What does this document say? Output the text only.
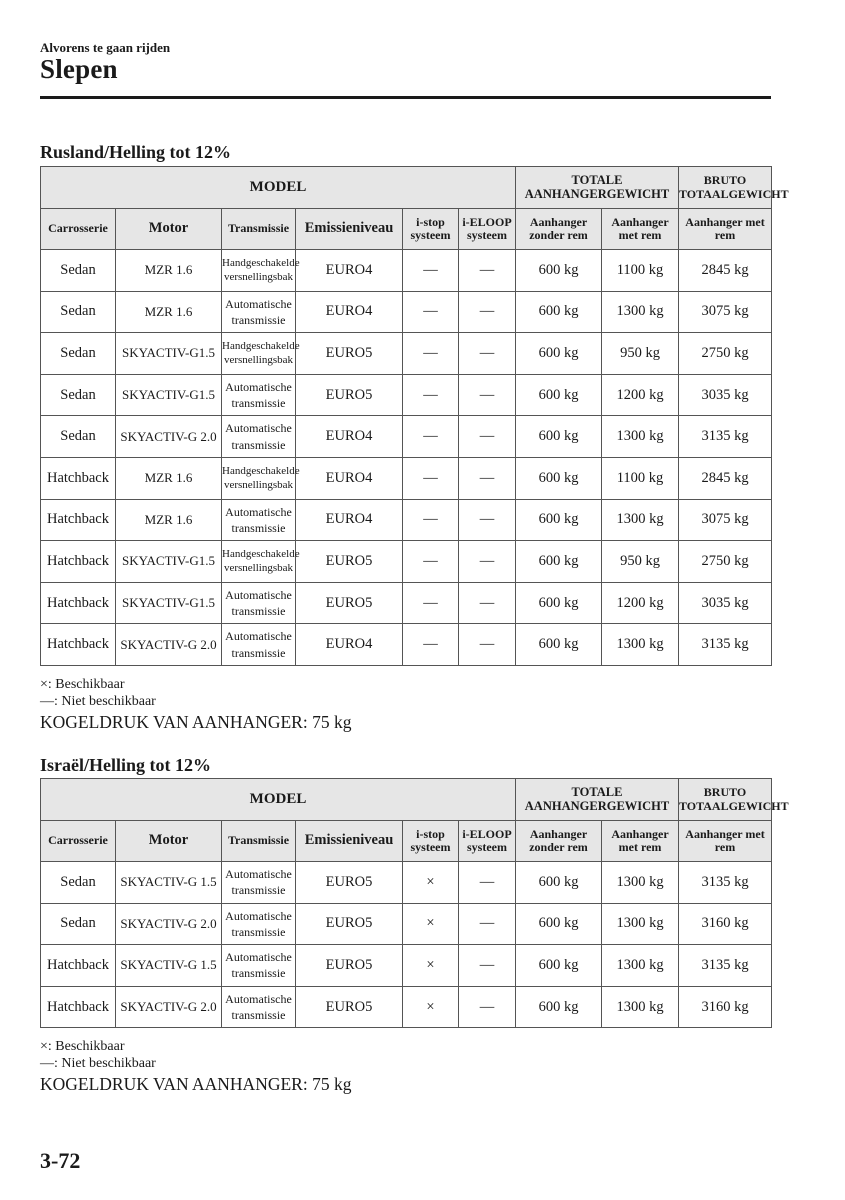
Alvorens te gaan rijden
Slepen
Rusland/Helling tot 12%
MODEL						TOTALE AANHANGERGEWICHT		BRUTO TOTAALGEWICHT
Carrosserie	Motor	Transmissie	Emissieniveau	i-stop systeem	i-ELOOP systeem	Aanhanger zonder rem	Aanhanger met rem	Aanhanger met rem
Sedan	MZR 1.6	Handgeschakelde versnellingsbak	EURO4	—	—	600 kg	1100 kg	2845 kg
Sedan	MZR 1.6	Automatische transmissie	EURO4	—	—	600 kg	1300 kg	3075 kg
Sedan	SKYACTIV-G1.5	Handgeschakelde versnellingsbak	EURO5	—	—	600 kg	950 kg	2750 kg
Sedan	SKYACTIV-G1.5	Automatische transmissie	EURO5	—	—	600 kg	1200 kg	3035 kg
Sedan	SKYACTIV-G 2.0	Automatische transmissie	EURO4	—	—	600 kg	1300 kg	3135 kg
Hatchback	MZR 1.6	Handgeschakelde versnellingsbak	EURO4	—	—	600 kg	1100 kg	2845 kg
Hatchback	MZR 1.6	Automatische transmissie	EURO4	—	—	600 kg	1300 kg	3075 kg
Hatchback	SKYACTIV-G1.5	Handgeschakelde versnellingsbak	EURO5	—	—	600 kg	950 kg	2750 kg
Hatchback	SKYACTIV-G1.5	Automatische transmissie	EURO5	—	—	600 kg	1200 kg	3035 kg
Hatchback	SKYACTIV-G 2.0	Automatische transmissie	EURO4	—	—	600 kg	1300 kg	3135 kg
×: Beschikbaar
—: Niet beschikbaar
KOGELDRUK VAN AANHANGER: 75 kg
Israël/Helling tot 12%
MODEL						TOTALE AANHANGERGEWICHT		BRUTO TOTAALGEWICHT
Carrosserie	Motor	Transmissie	Emissieniveau	i-stop systeem	i-ELOOP systeem	Aanhanger zonder rem	Aanhanger met rem	Aanhanger met rem
Sedan	SKYACTIV-G 1.5	Automatische transmissie	EURO5	×	—	600 kg	1300 kg	3135 kg
Sedan	SKYACTIV-G 2.0	Automatische transmissie	EURO5	×	—	600 kg	1300 kg	3160 kg
Hatchback	SKYACTIV-G 1.5	Automatische transmissie	EURO5	×	—	600 kg	1300 kg	3135 kg
Hatchback	SKYACTIV-G 2.0	Automatische transmissie	EURO5	×	—	600 kg	1300 kg	3160 kg
×: Beschikbaar
—: Niet beschikbaar
KOGELDRUK VAN AANHANGER: 75 kg
3-72
